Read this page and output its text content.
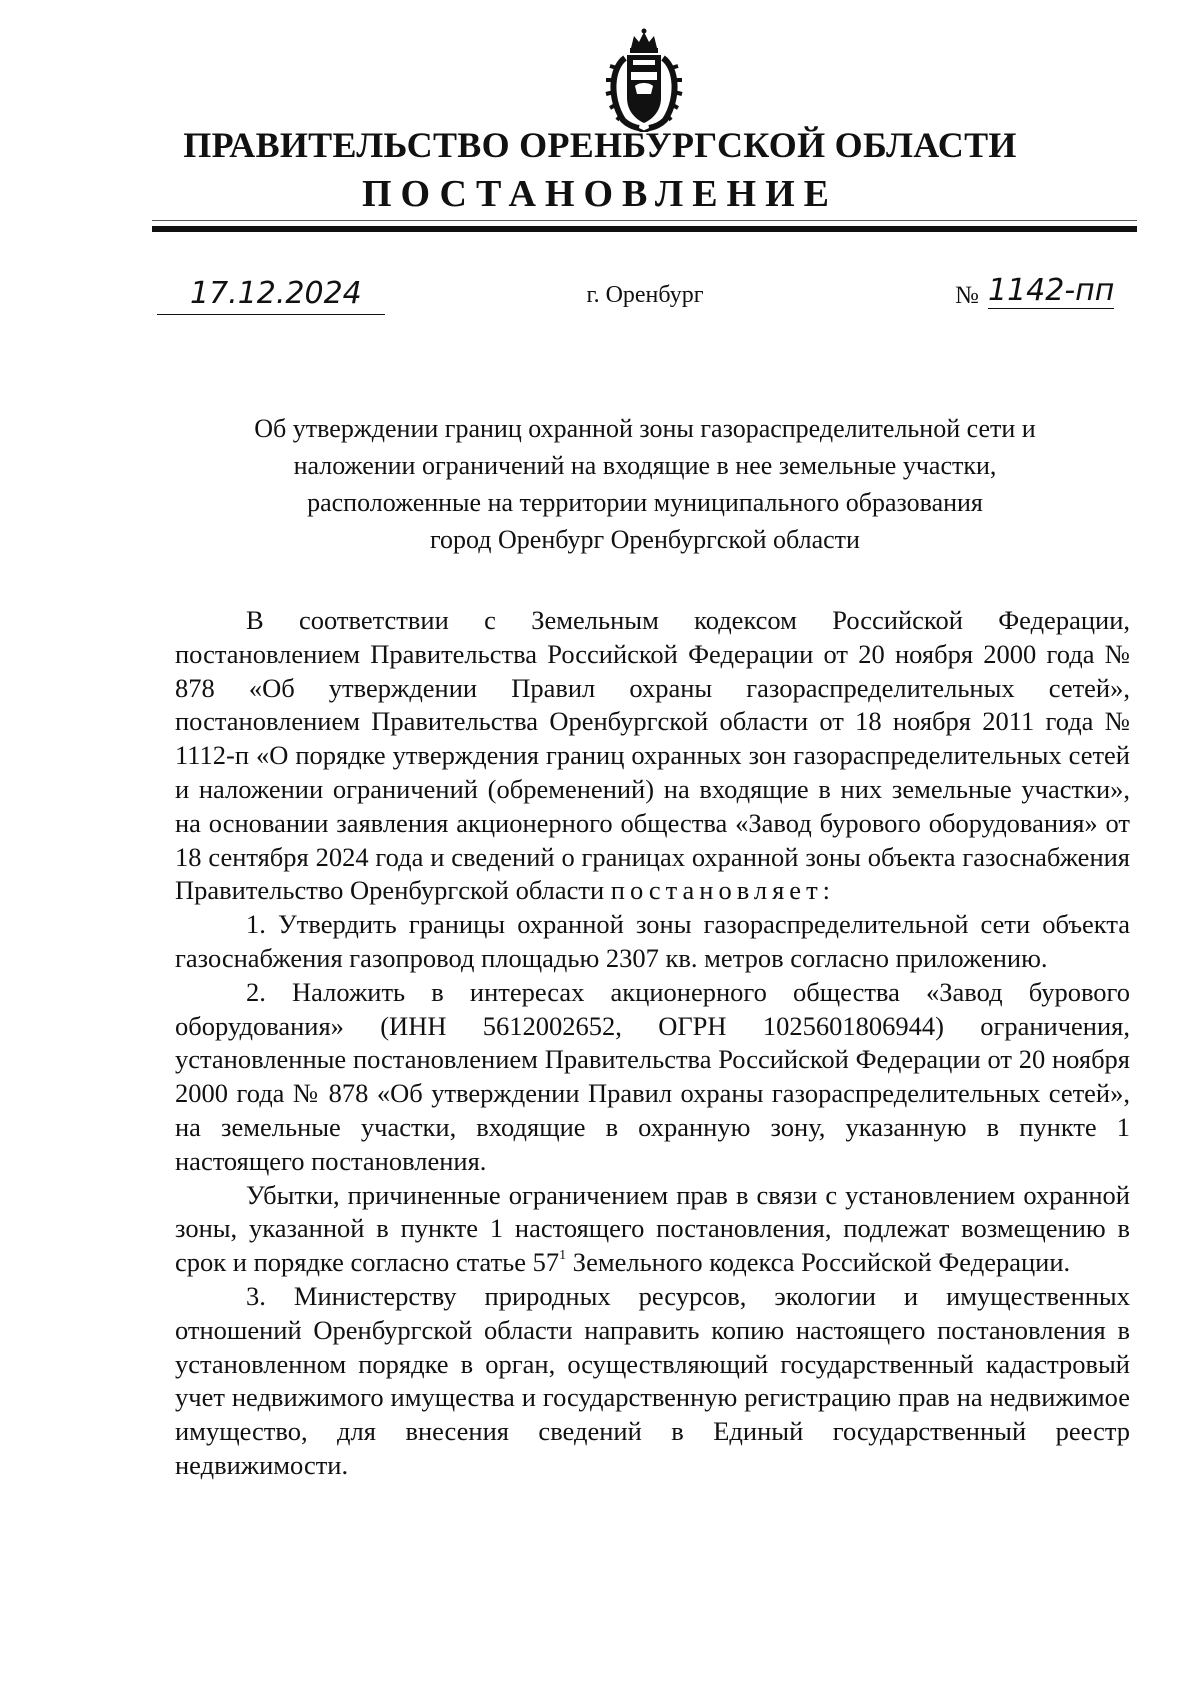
ПРАВИТЕЛЬСТВО ОРЕНБУРГСКОЙ ОБЛАСТИ
ПОСТАНОВЛЕНИЕ
17.12.2024	г. Оренбург	№ 1142-пп
Об утверждении границ охранной зоны газораспределительной сети и
наложении ограничений на входящие в нее земельные участки,
расположенные на территории муниципального образования
город Оренбург Оренбургской области

В соответствии с Земельным кодексом Российской Федерации, постановлением Правительства Российской Федерации от 20 ноября 2000 года № 878 «Об утверждении Правил охраны газораспределительных сетей», постановлением Правительства Оренбургской области от 18 ноября 2011 года № 1112-п «О порядке утверждения границ охранных зон газораспределительных сетей и наложении ограничений (обременений) на входящие в них земельные участки», на основании заявления акционерного общества «Завод бурового оборудования» от 18 сентября 2024 года и сведений о границах охранной зоны объекта газоснабжения Правительство Оренбургской области постановляет:

1. Утвердить границы охранной зоны газораспределительной сети объекта газоснабжения газопровод площадью 2307 кв. метров согласно приложению.

2. Наложить в интересах акционерного общества «Завод бурового оборудования» (ИНН 5612002652, ОГРН 1025601806944) ограничения, установленные постановлением Правительства Российской Федерации от 20 ноября 2000 года № 878 «Об утверждении Правил охраны газораспределительных сетей», на земельные участки, входящие в охранную зону, указанную в пункте 1 настоящего постановления.

Убытки, причиненные ограничением прав в связи с установлением охранной зоны, указанной в пункте 1 настоящего постановления, подлежат возмещению в срок и порядке согласно статье $57^1$ Земельного кодекса Российской Федерации.

3. Министерству природных ресурсов, экологии и имущественных отношений Оренбургской области направить копию настоящего постановления в установленном порядке в орган, осуществляющий государственный кадастровый учет недвижимого имущества и государственную регистрацию прав на недвижимое имущество, для внесения сведений в Единый государственный реестр недвижимости.
